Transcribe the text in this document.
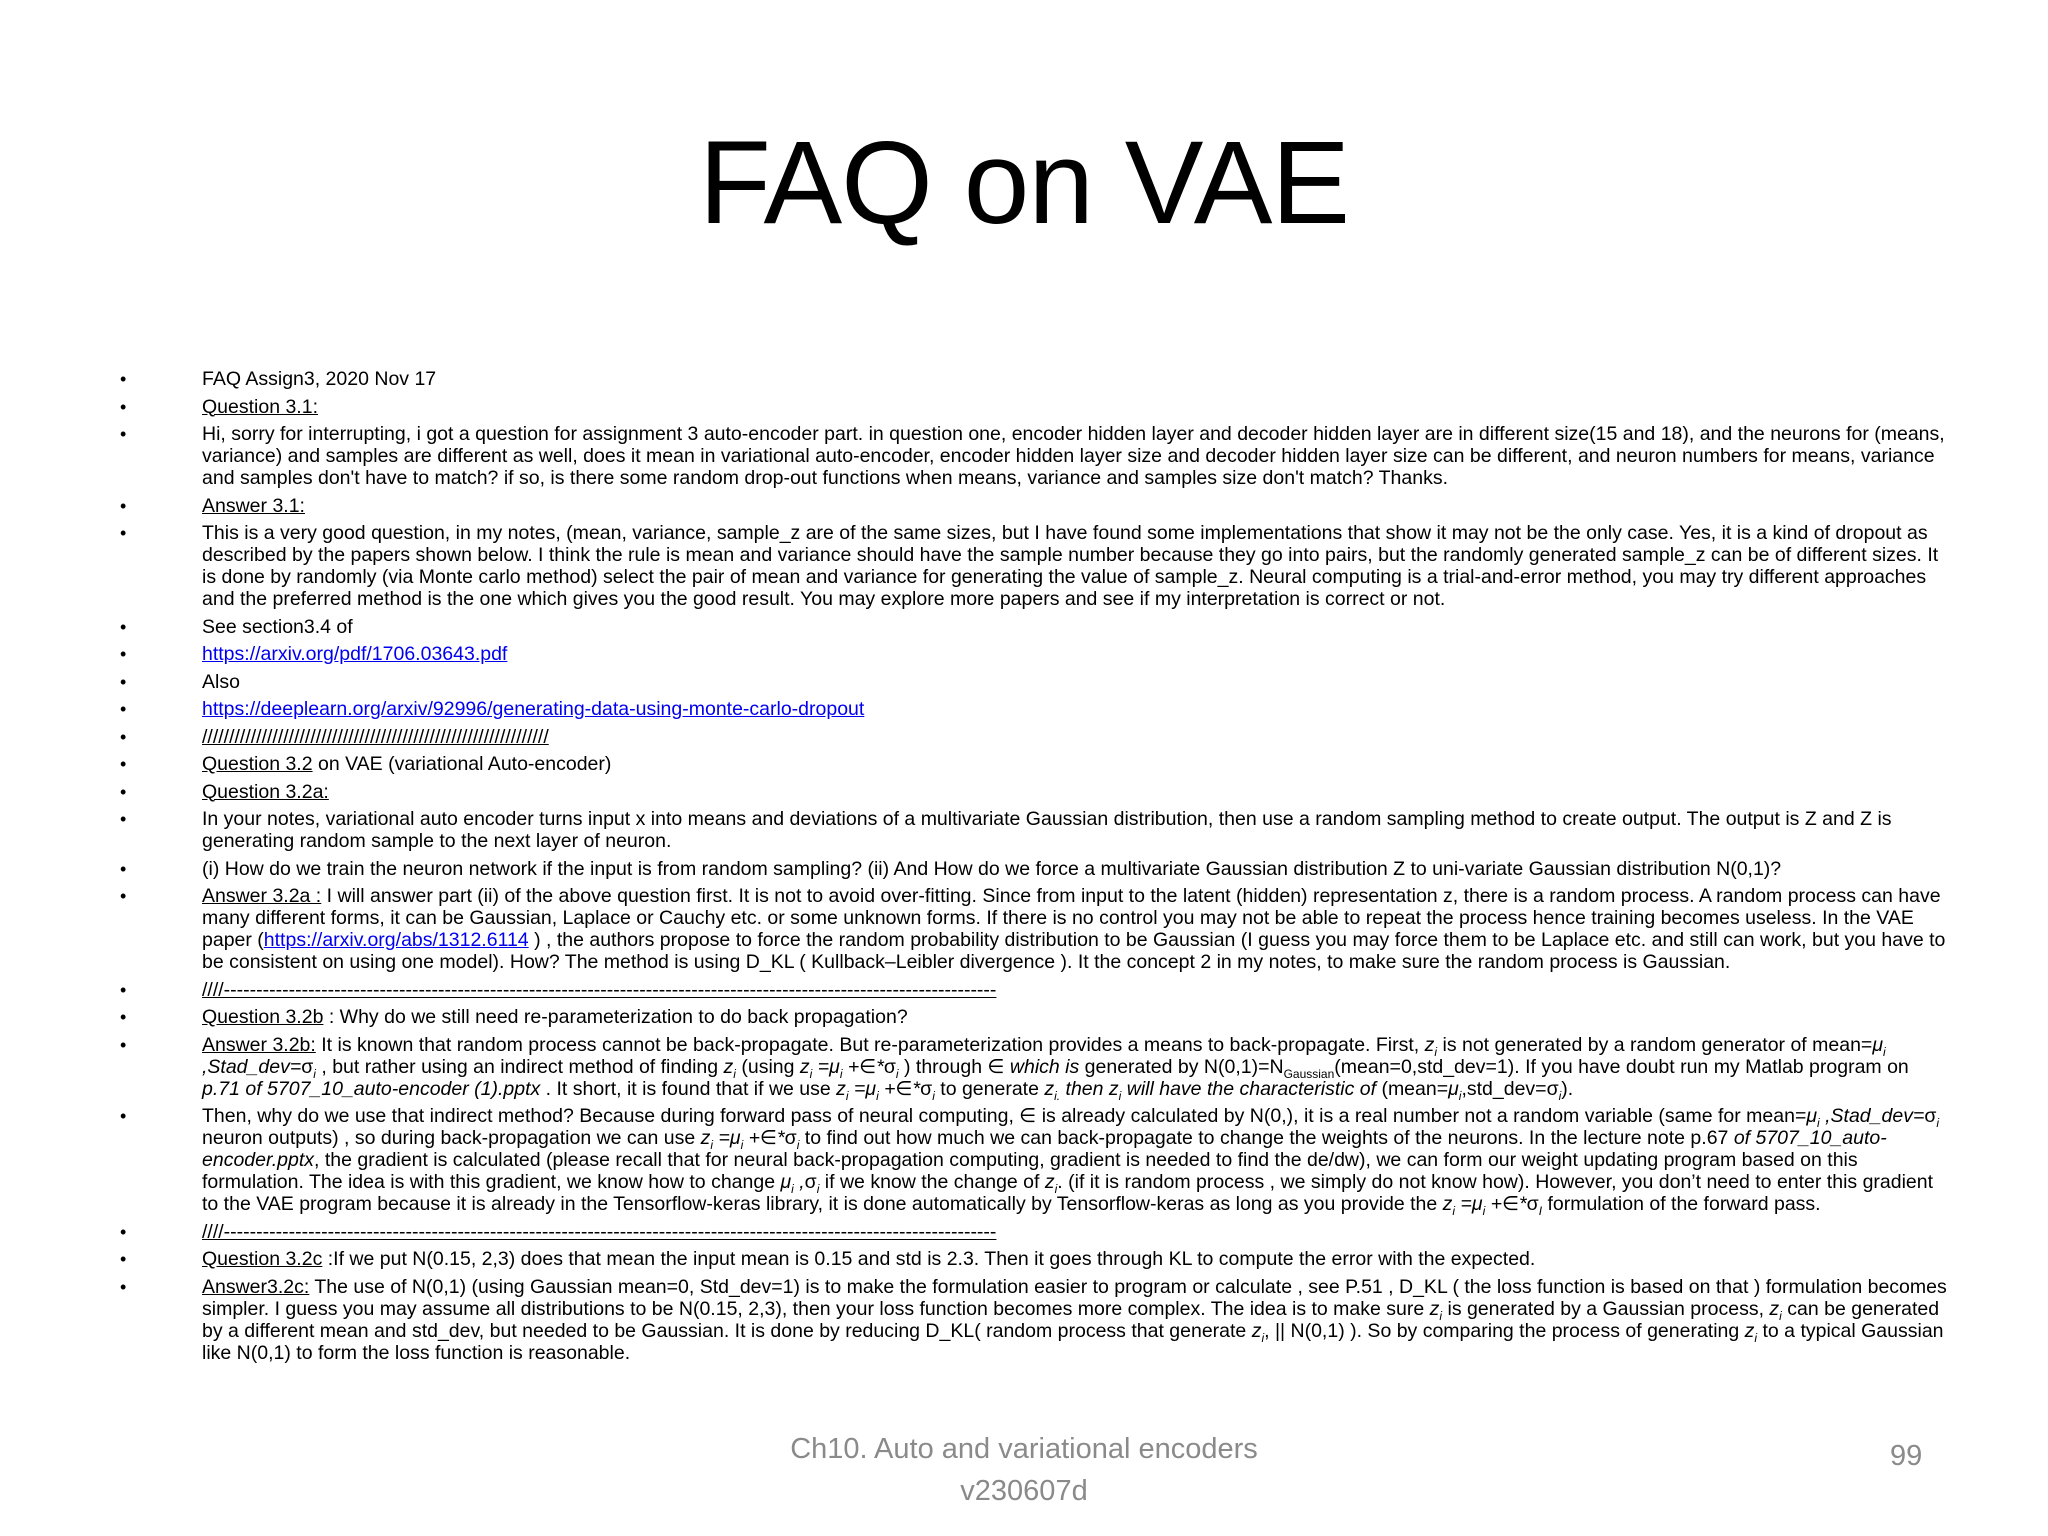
FAQ on VAE
•	FAQ Assign3, 2020 Nov 17
•	Question 3.1:
•	Hi, sorry for interrupting, i got a question for assignment 3 auto-encoder part. in question one, encoder hidden layer and decoder hidden layer are in different size(15 and 18), and the neurons for (means, variance) and samples are different as well, does it mean in variational auto-encoder, encoder hidden layer size and decoder hidden layer size can be different, and neuron numbers for means, variance and samples don't have to match? if so, is there some random drop-out functions when means, variance and samples size don't match? Thanks.
•	Answer 3.1:
•	This is a very good question, in my notes, (mean, variance, sample_z are of the same sizes, but I have found some implementations that show it may not be the only case. Yes, it is a kind of dropout as described by the papers shown below. I think the rule is mean and variance should have the sample number because they go into pairs, but the randomly generated sample_z can be of different sizes. It is done by randomly (via Monte carlo method) select the pair of mean and variance for generating the value of sample_z. Neural computing is a trial-and-error method, you may try different approaches and the preferred method is the one which gives you the good result. You may explore more papers and see if my interpretation is correct or not.
•	See section3.4 of
•	https://arxiv.org/pdf/1706.03643.pdf
•	Also
•	https://deeplearn.org/arxiv/92996/generating-data-using-monte-carlo-dropout
•	////////////////////////////////////////////////////////////////
•	Question 3.2 on VAE (variational Auto-encoder)
•	Question 3.2a:
•	In your notes, variational auto encoder turns input x into means and deviations of a multivariate Gaussian distribution, then use a random sampling method to create output. The output is Z and Z is generating random sample to the next layer of neuron.
•	(i) How do we train the neuron network if the input is from random sampling? (ii) And How do we force a multivariate Gaussian distribution Z to uni-variate Gaussian distribution N(0,1)?
•	Answer 3.2a : I will answer part (ii) of the above question first. It is not to avoid over-fitting. Since from input to the latent (hidden) representation z, there is a random process. A random process can have many different forms, it can be Gaussian, Laplace or Cauchy etc. or some unknown forms. If there is no control you may not be able to repeat the process hence training becomes useless. In the VAE paper (https://arxiv.org/abs/1312.6114 ) , the authors propose to force the random probability distribution to be Gaussian (I guess you may force them to be Laplace etc. and still can work, but you have to be consistent on using one model). How? The method is using D_KL ( Kullback–Leibler divergence ). It the concept 2 in my notes, to make sure the random process is Gaussian.
•	////-----------------------------------------------------------------------------------------------------------------------
•	Question 3.2b : Why do we still need re-parameterization to do back propagation?
•	Answer 3.2b: It is known that random process cannot be back-propagate. But re-parameterization provides a means to back-propagate. First, $z_i$ is not generated by a random generator of $mean=\mu_i$ $,Stad\_dev=\sigma_i$ , but rather using an indirect method of finding $z_i$ (using $z_i =\mu_i$ $+\in*\sigma_i$ ) through ∈ which is generated by $N(0,1)=N_{Gaussian}(mean=0,std\_dev=1)$. If you have doubt run my Matlab program on p.71 of 5707_10_auto-encoder (1).pptx . It short, it is found that if we use $z_i =\mu_i$ $+\in*\sigma_i$ to generate $z_{i.}$ then $z_i$ will have the characteristic of $(mean=\mu_i,std\_dev=\sigma_i)$.
•	Then, why do we use that indirect method? Because during forward pass of neural computing, ∈ is already calculated by N(0,), it is a real number not a random variable (same for $mean=\mu_i$ $,Stad\_dev=\sigma_i$ neuron outputs) , so during back-propagation we can use $z_i =\mu_i$ $+\in*\sigma_i$ to find out how much we can back-propagate to change the weights of the neurons. In the lecture note p.67 of 5707_10_auto-encoder.pptx, the gradient is calculated (please recall that for neural back-propagation computing, gradient is needed to find the de/dw), we can form our weight updating program based on this formulation. The idea is with this gradient, we know how to change $\mu_i$ $,\sigma_i$ if we know the change of $z_i$. (if it is random process , we simply do not know how). However, you don’t need to enter this gradient to the VAE program because it is already in the Tensorflow-keras library, it is done automatically by Tensorflow-keras as long as you provide the $z_i =\mu_i$ $+\in*\sigma_I$ formulation of the forward pass.
•	////-----------------------------------------------------------------------------------------------------------------------
•	Question 3.2c :If we put N(0.15, 2,3) does that mean the input mean is 0.15 and std is 2.3. Then it goes through KL to compute the error with the expected.
•	Answer3.2c: The use of N(0,1) (using Gaussian mean=0, Std_dev=1) is to make the formulation easier to program or calculate , see P.51 , D_KL ( the loss function is based on that ) formulation becomes simpler. I guess you may assume all distributions to be N(0.15, 2,3), then your loss function becomes more complex. The idea is to make sure $z_i$ is generated by a Gaussian process, $z_i$ can be generated by a different mean and std_dev, but needed to be Gaussian. It is done by reducing D_KL( random process that generate $z_i$, || N(0,1) ). So by comparing the process of generating $z_i$ to a typical Gaussian like N(0,1) to form the loss function is reasonable.
Ch10. Auto and variational encoders
v230607d
99
